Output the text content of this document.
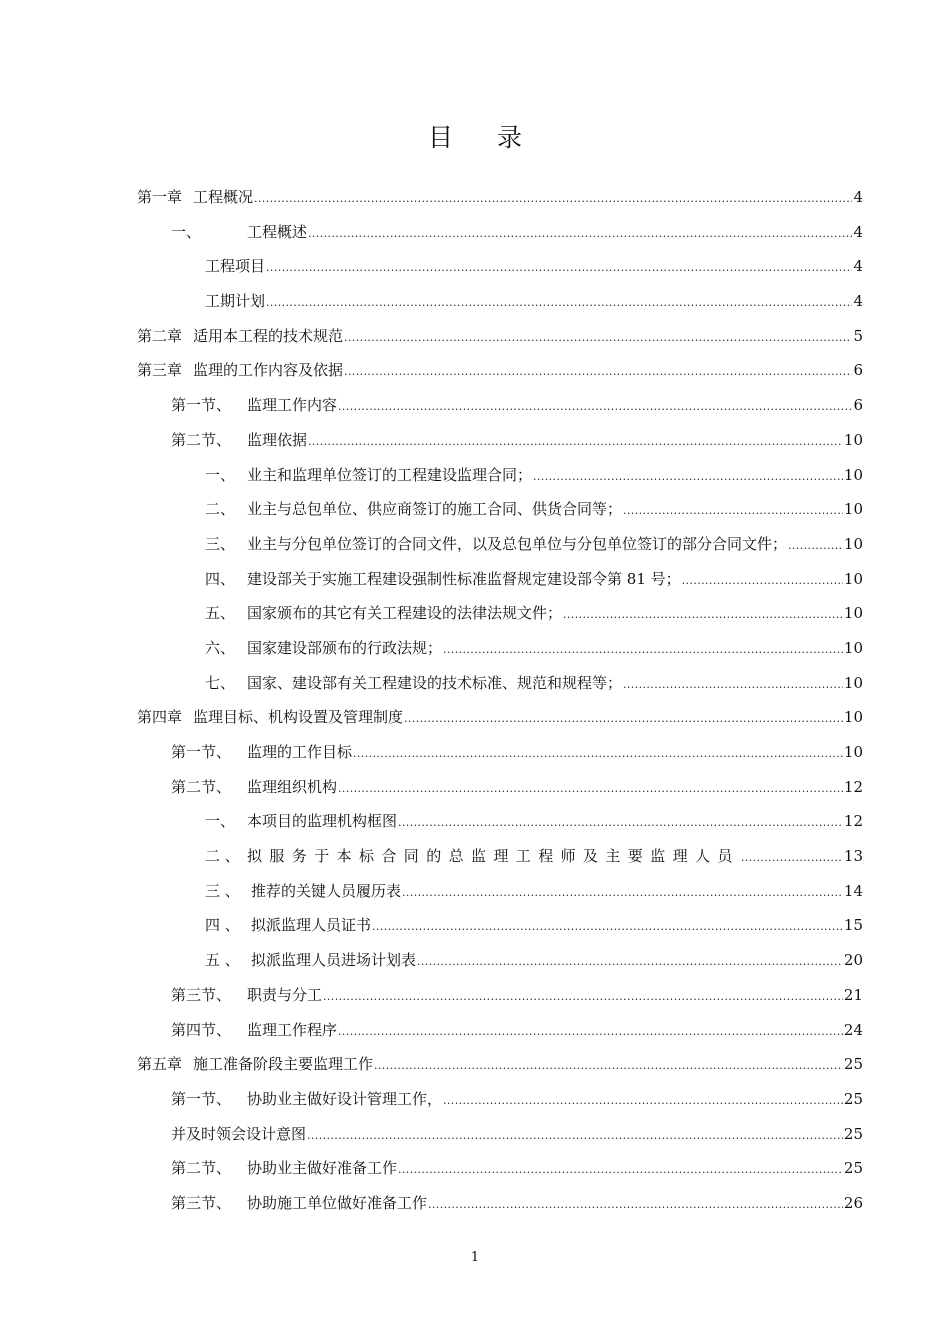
目 录
第一章 工程概况 .....	4
一、	工程概述 .....	4
工程项目 .....	4
工期计划 .....	4
第二章 适用本工程的技术规范 .....	5
第三章 监理的工作内容及依据 .....	6
第一节、 监理工作内容 .....	6
第二节、 监理依据 .....	10
一、 业主和监理单位签订的工程建设监理合同； .....	10
二、 业主与总包单位、供应商签订的施工合同、供货合同等； .....	10
三、 业主与分包单位签订的合同文件，以及总包单位与分包单位签订的部分合同文件； .....	10
四、 建设部关于实施工程建设强制性标准监督规定建设部令第 81 号； .....	10
五、 国家颁布的其它有关工程建设的法律法规文件； .....	10
六、 国家建设部颁布的行政法规； .....	10
七、 国家、建设部有关工程建设的技术标准、规范和规程等； .....	10
第四章 监理目标、机构设置及管理制度 .....	10
第一节、 监理的工作目标 .....	10
第二节、 监理组织机构 .....	12
一、 本项目的监理机构框图 .....	12
二 、 拟服务于本标合同的总监理工程师及主要监理人员 .....	13
三 、 推荐的关键人员履历表 .....	14
四 、 拟派监理人员证书 .....	15
五 、 拟派监理人员进场计划表 .....	20
第三节、 职责与分工 .....	21
第四节、 监理工作程序 .....	24
第五章 施工准备阶段主要监理工作 .....	25
第一节、 协助业主做好设计管理工作， .....	25
并及时领会设计意图 .....	25
第二节、 协助业主做好准备工作 .....	25
第三节、 协助施工单位做好准备工作 .....	26
1
